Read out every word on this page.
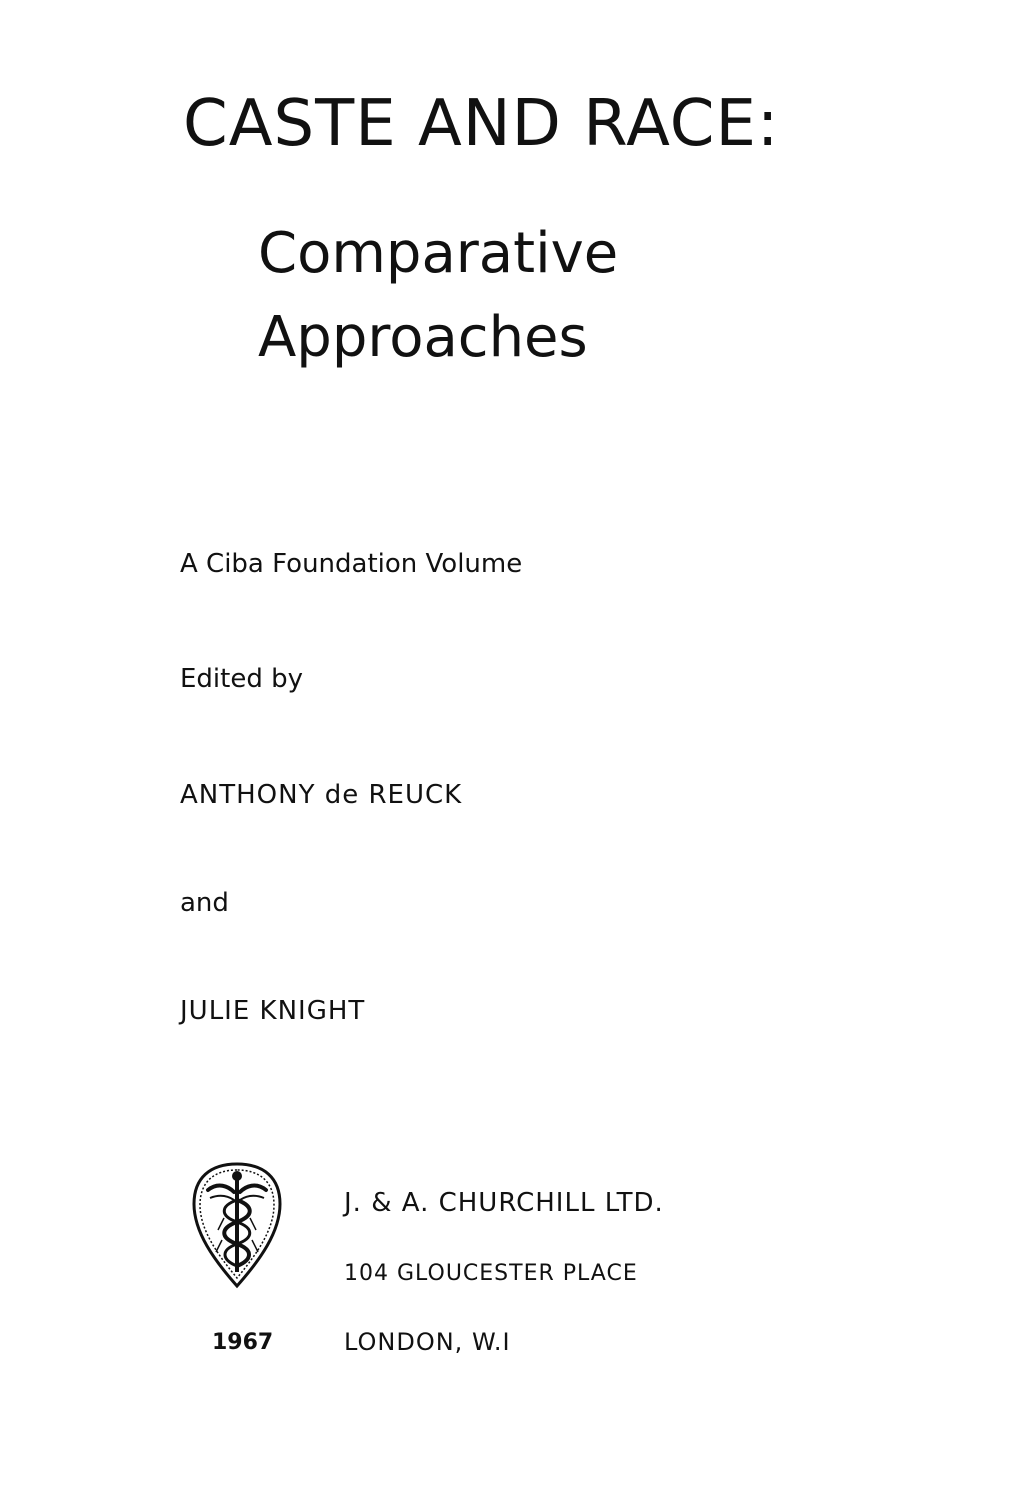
CASTE AND RACE:
Comparative
Approaches
A Ciba Foundation Volume
Edited by
ANTHONY de REUCK
and
JULIE KNIGHT
J. & A. CHURCHILL LTD.
104 GLOUCESTER PLACE
1967	LONDON, W.I
